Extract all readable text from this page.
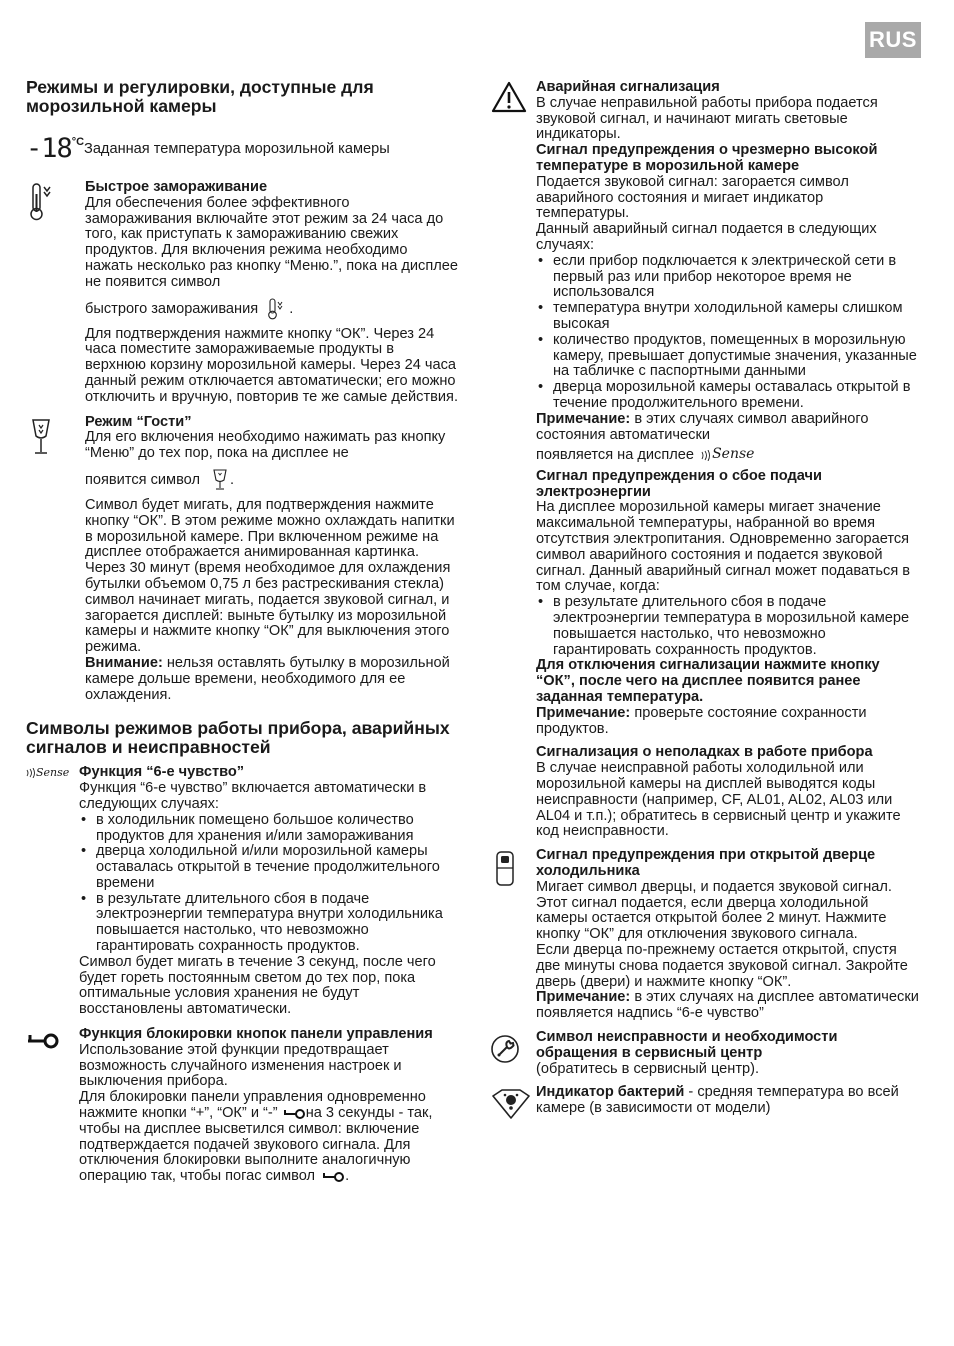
RUS
Режимы и регулировки, доступные для морозильной камеры
-18 °C Заданная температура морозильной камеры

Быстрое замораживание

Для обеспечения более эффективного замораживания включайте этот режим за 24 часа до того, как приступать к замораживанию свежих продуктов. Для включения режима необходимо нажать несколько раз кнопку “Меню.”, пока на дисплее не появится символ

быстрого замораживания .

Для подтверждения нажмите кнопку “ОК”. Через 24 часа поместите замораживаемые продукты в верхнюю корзину морозильной камеры. Через 24 часа данный режим отключается автоматически; его можно отключить и вручную, повторив те же самые действия.

Режим “Гости”

Для его включения необходимо нажимать раз кнопку “Меню” до тех пор, пока на дисплее не

появится символ .

Символ будет мигать, для подтверждения нажмите кнопку “ОК”. В этом режиме можно охлаждать напитки в морозильной камере. При включенном режиме на дисплее отображается анимированная картинка. Через 30 минут (время необходимое для охлаждения бутылки объемом 0,75 л без растрескивания стекла) символ начинает мигать, подается звуковой сигнал, и загорается дисплей: выньте бутылку из морозильной камеры и нажмите кнопку “ОК” для выключения этого режима.

Внимание: нельзя оставлять бутылку в морозильной камере дольше времени, необходимого для ее охлаждения.

Символы режимов работы прибора, аварийных сигналов и неисправностей
Sense Функция “6-е чувство”

Функция “6-е чувство” включается автоматически в следующих случаях:

• в холодильник помещено большое количество продуктов для хранения и/или замораживания
• дверца холодильной и/или морозильной камеры оставалась открытой в течение продолжительного времени
• в результате длительного сбоя в подаче электроэнергии температура внутри холодильника повышается настолько, что невозможно гарантировать сохранность продуктов.

Символ будет мигать в течение 3 секунд, после чего будет гореть постоянным светом до тех пор, пока оптимальные условия хранения не будут восстановлены автоматически.

Функция блокировки кнопок панели управления

Использование этой функции предотвращает возможность случайного изменения настроек и выключения прибора.

Для блокировки панели управления одновременно нажмите кнопки “+”, “ОК” и “-” на 3 секунды - так, чтобы на дисплее высветился символ: включение подтверждается подачей звукового сигнала. Для отключения блокировки выполните аналогичную операцию так, чтобы погас символ .

Аварийная сигнализация

В случае неправильной работы прибора подается звуковой сигнал, и начинают мигать световые индикаторы.

Сигнал предупреждения о чрезмерно высокой температуре в морозильной камере

Подается звуковой сигнал: загорается символ аварийного состояния и мигает индикатор температуры.

Данный аварийный сигнал подается в следующих случаях:

• если прибор подключается к электрической сети в первый раз или прибор некоторое время не использовался
• температура внутри холодильной камеры слишком высокая
• количество продуктов, помещенных в морозильную камеру, превышает допустимые значения, указанные на табличке с паспортными данными
• дверца морозильной камеры оставалась открытой в течение продолжительного времени.

Примечание: в этих случаях символ аварийного состояния автоматически

появляется на дисплее Sense

Сигнал предупреждения о сбое подачи электроэнергии

На дисплее морозильной камеры мигает значение максимальной температуры, набранной во время отсутствия электропитания. Одновременно загорается символ аварийного состояния и подается звуковой сигнал. Данный аварийный сигнал может подаваться в том случае, когда:

• в результате длительного сбоя в подаче электроэнергии температура в морозильной камере повышается настолько, что невозможно гарантировать сохранность продуктов.

Для отключения сигнализации нажмите кнопку “ОК”, после чего на дисплее появится ранее заданная температура.

Примечание: проверьте состояние сохранности продуктов.

Сигнализация о неполадках в работе прибора

В случае неисправной работы холодильной или морозильной камеры на дисплей выводятся коды неисправности (например, CF, AL01, AL02, AL03 или AL04 и т.п.); обратитесь в сервисный центр и укажите код неисправности.

Сигнал предупреждения при открытой дверце холодильника

Мигает символ дверцы, и подается звуковой сигнал.

Этот сигнал подается, если дверца холодильной камеры остается открытой более 2 минут. Нажмите кнопку “ОК” для отключения звукового сигнала.

Если дверца по-прежнему остается открытой, спустя две минуты снова подается звуковой сигнал. Закройте дверь (двери) и нажмите кнопку “ОК”.

Примечание: в этих случаях на дисплее автоматически появляется надпись “6-е чувство”

Символ неисправности и необходимости обращения в сервисный центр

(обратитесь в сервисный центр).

Индикатор бактерий - средняя температура во всей камере (в зависимости от модели)
